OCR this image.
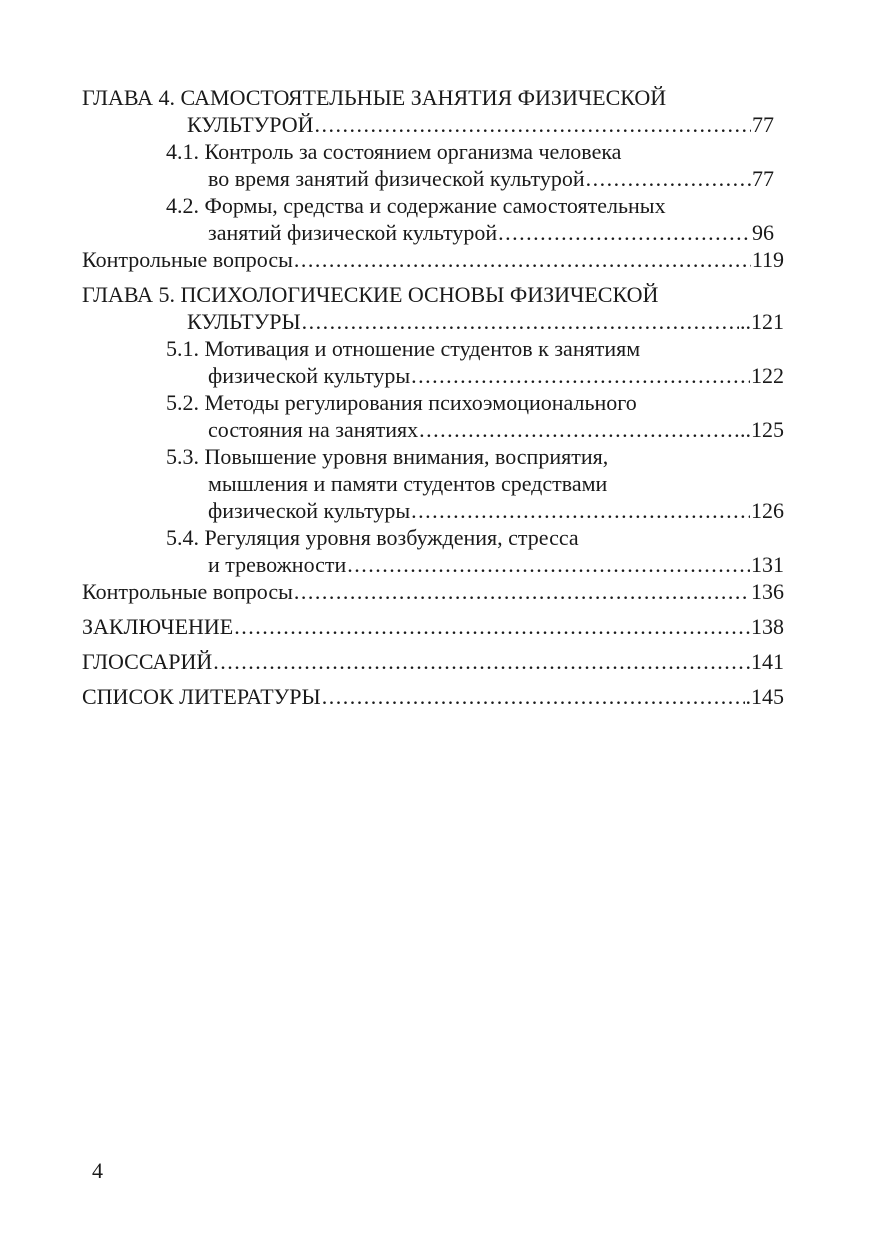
ГЛАВА 4. САМОСТОЯТЕЛЬНЫЕ ЗАНЯТИЯ ФИЗИЧЕСКОЙ
КУЛЬТУРОЙ .....	77
4.1. Контроль за состоянием организма человека
во время занятий физической культурой .....	77
4.2. Формы, средства и содержание самостоятельных
занятий физической культурой .....	96
Контрольные вопросы .....	119
ГЛАВА 5. ПСИХОЛОГИЧЕСКИЕ ОСНОВЫ ФИЗИЧЕСКОЙ
КУЛЬТУРЫ .....	..121
5.1. Мотивация и отношение студентов к занятиям
физической культуры .....	122
5.2. Методы регулирования психоэмоционального
состояния на занятиях .....	..125
5.3. Повышение уровня внимания, восприятия,
мышления и памяти студентов средствами
физической культуры .....	126
5.4. Регуляция уровня возбуждения, стресса
и тревожности .....	131
Контрольные вопросы .....	136
ЗАКЛЮЧЕНИЕ .....	138
ГЛОССАРИЙ .....	.141
СПИСОК ЛИТЕРАТУРЫ .....	.145
4
